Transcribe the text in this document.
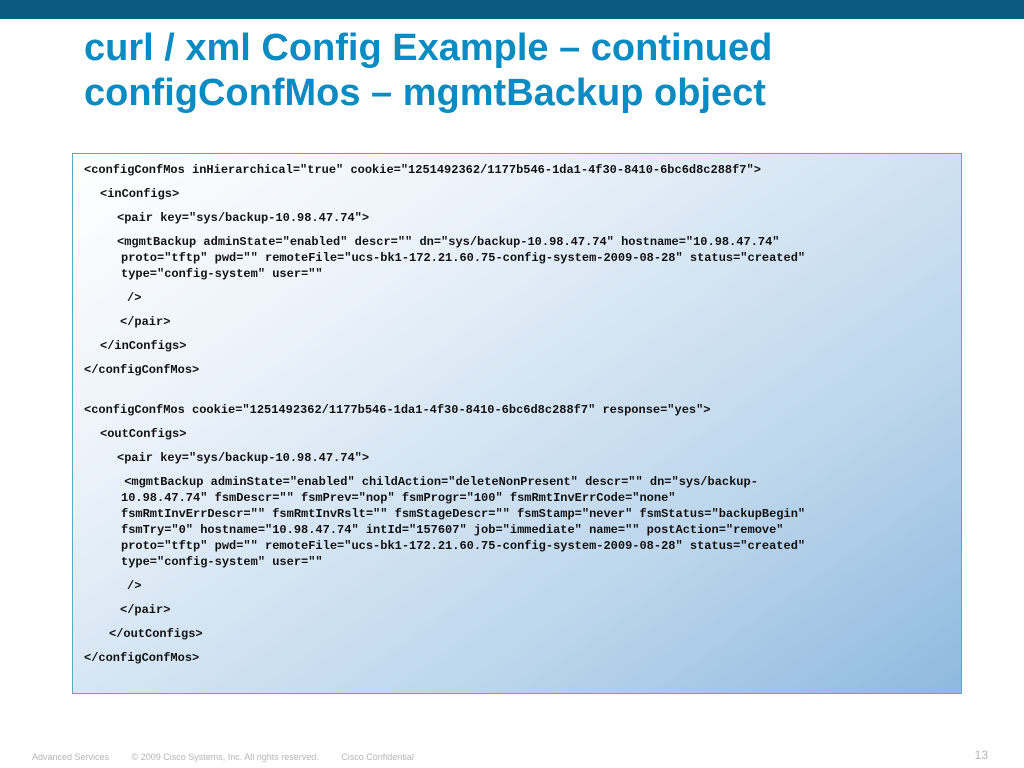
curl / xml Config Example – continued
configConfMos – mgmtBackup object
<configConfMos inHierarchical="true" cookie="1251492362/1177b546-1da1-4f30-8410-6bc6d8c288f7">
<inConfigs>
<pair key="sys/backup-10.98.47.74">
<mgmtBackup adminState="enabled" descr="" dn="sys/backup-10.98.47.74" hostname="10.98.47.74"
proto="tftp" pwd="" remoteFile="ucs-bk1-172.21.60.75-config-system-2009-08-28" status="created"
type="config-system" user=""
/>
</pair>
</inConfigs>
</configConfMos>
<configConfMos cookie="1251492362/1177b546-1da1-4f30-8410-6bc6d8c288f7" response="yes">
<outConfigs>
<pair key="sys/backup-10.98.47.74">
<mgmtBackup adminState="enabled" childAction="deleteNonPresent" descr="" dn="sys/backup-
10.98.47.74" fsmDescr="" fsmPrev="nop" fsmProgr="100" fsmRmtInvErrCode="none"
fsmRmtInvErrDescr="" fsmRmtInvRslt="" fsmStageDescr="" fsmStamp="never" fsmStatus="backupBegin"
fsmTry="0" hostname="10.98.47.74" intId="157607" job="immediate" name="" postAction="remove"
proto="tftp" pwd="" remoteFile="ucs-bk1-172.21.60.75-config-system-2009-08-28" status="created"
type="config-system" user=""
/>
</pair>
</outConfigs>
</configConfMos>
Advanced Services	© 2009 Cisco Systems, Inc. All rights reserved.	Cisco Confidential	13
